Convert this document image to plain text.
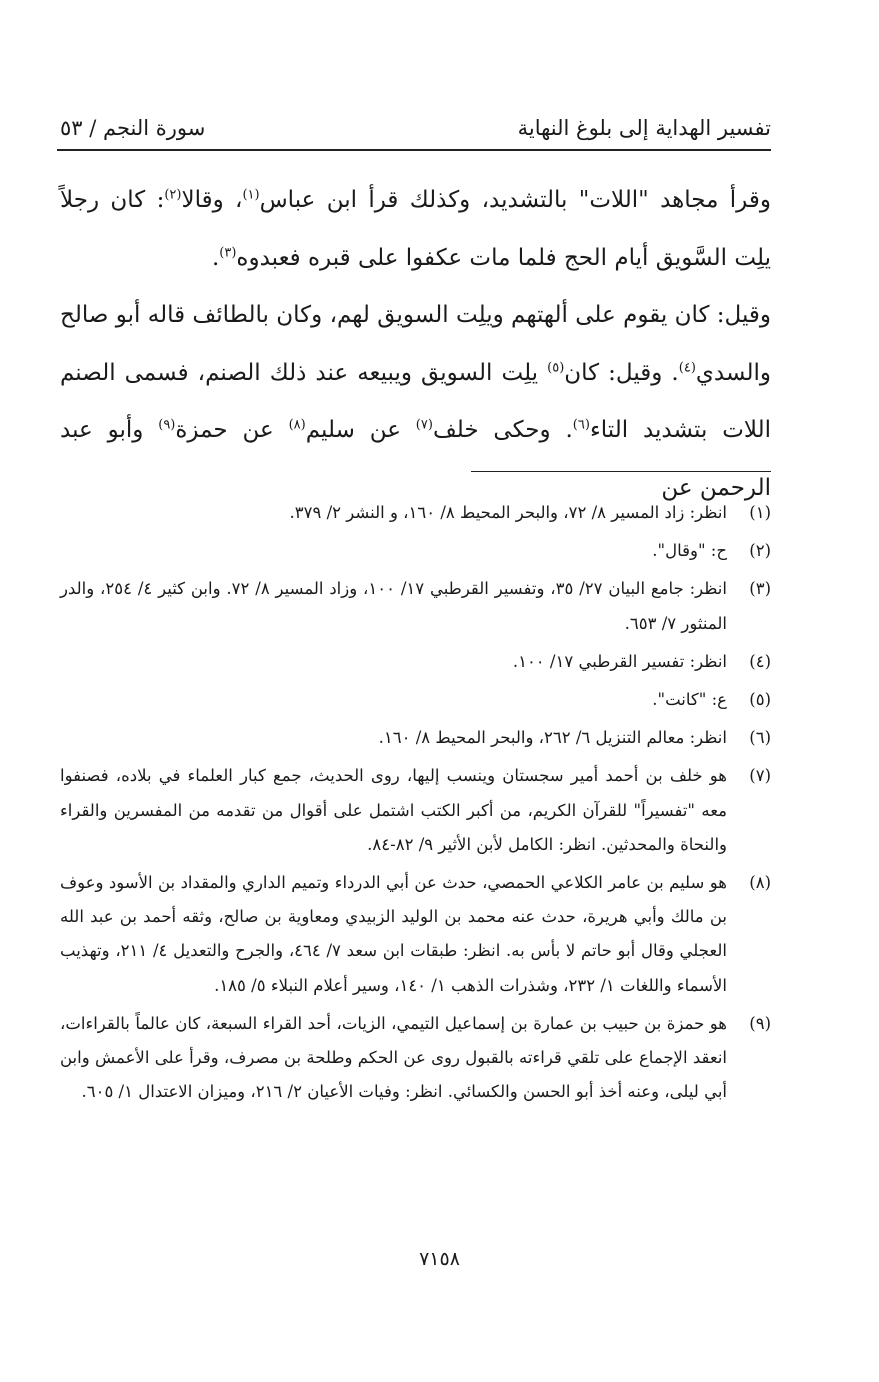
تفسير الهداية إلى بلوغ النهاية
سورة النجم / ٥٣

وقرأ مجاهد "اللات" بالتشديد، وكذلك قرأ ابن عباس$^{(١)}$، وقالا$^{(٢)}$: كان رجلاً يلِت السَّويق أيام الحج فلما مات عكفوا على قبره فعبدوه$^{(٣)}$.

وقيل: كان يقوم على ألهتهم ويلِت السويق لهم، وكان بالطائف قاله أبو صالح والسدي$^{(٤)}$. وقيل: كان$^{(٥)}$ يلِت السويق ويبيعه عند ذلك الصنم، فسمى الصنم اللات بتشديد التاء$^{(٦)}$. وحكى خلف$^{(٧)}$ عن سليم$^{(٨)}$ عن حمزة$^{(٩)}$ وأبو عبد الرحمن عن

(١)
انظر: زاد المسير ٨/ ٧٢، والبحر المحيط ٨/ ١٦٠، و النشر ٢/ ٣٧٩.
(٢)
ح: "وقال".
(٣)
انظر: جامع البيان ٢٧/ ٣٥، وتفسير القرطبي ١٧/ ١٠٠، وزاد المسير ٨/ ٧٢. وابن كثير ٤/ ٢٥٤، والدر المنثور ٧/ ٦٥٣.
(٤)
انظر: تفسير القرطبي ١٧/ ١٠٠.
(٥)
ع: "كانت".
(٦)
انظر: معالم التنزيل ٦/ ٢٦٢، والبحر المحيط ٨/ ١٦٠.
(٧)
هو خلف بن أحمد أمير سجستان وينسب إليها، روى الحديث، جمع كبار العلماء في بلاده، فصنفوا معه "تفسيراً" للقرآن الكريم، من أكبر الكتب اشتمل على أقوال من تقدمه من المفسرين والقراء والنحاة والمحدثين. انظر: الكامل لأبن الأثير ٩/ ٨٢-٨٤.
(٨)
هو سليم بن عامر الكلاعي الحمصي، حدث عن أبي الدرداء وتميم الداري والمقداد بن الأسود وعوف بن مالك وأبي هريرة، حدث عنه محمد بن الوليد الزبيدي ومعاوية بن صالح، وثقه أحمد بن عبد الله العجلي وقال أبو حاتم لا بأس به. انظر: طبقات ابن سعد ٧/ ٤٦٤، والجرح والتعديل ٤/ ٢١١، وتهذيب الأسماء واللغات ١/ ٢٣٢، وشذرات الذهب ١/ ١٤٠، وسير أعلام النبلاء ٥/ ١٨٥.
(٩)
هو حمزة بن حبيب بن عمارة بن إسماعيل التيمي، الزيات، أحد القراء السبعة، كان عالماً بالقراءات، انعقد الإجماع على تلقي قراءته بالقبول روى عن الحكم وطلحة بن مصرف، وقرأ على الأعمش وابن أبي ليلى، وعنه أخذ أبو الحسن والكسائي. انظر: وفيات الأعيان ٢/ ٢١٦، وميزان الاعتدال ١/ ٦٠٥.
٧١٥٨
